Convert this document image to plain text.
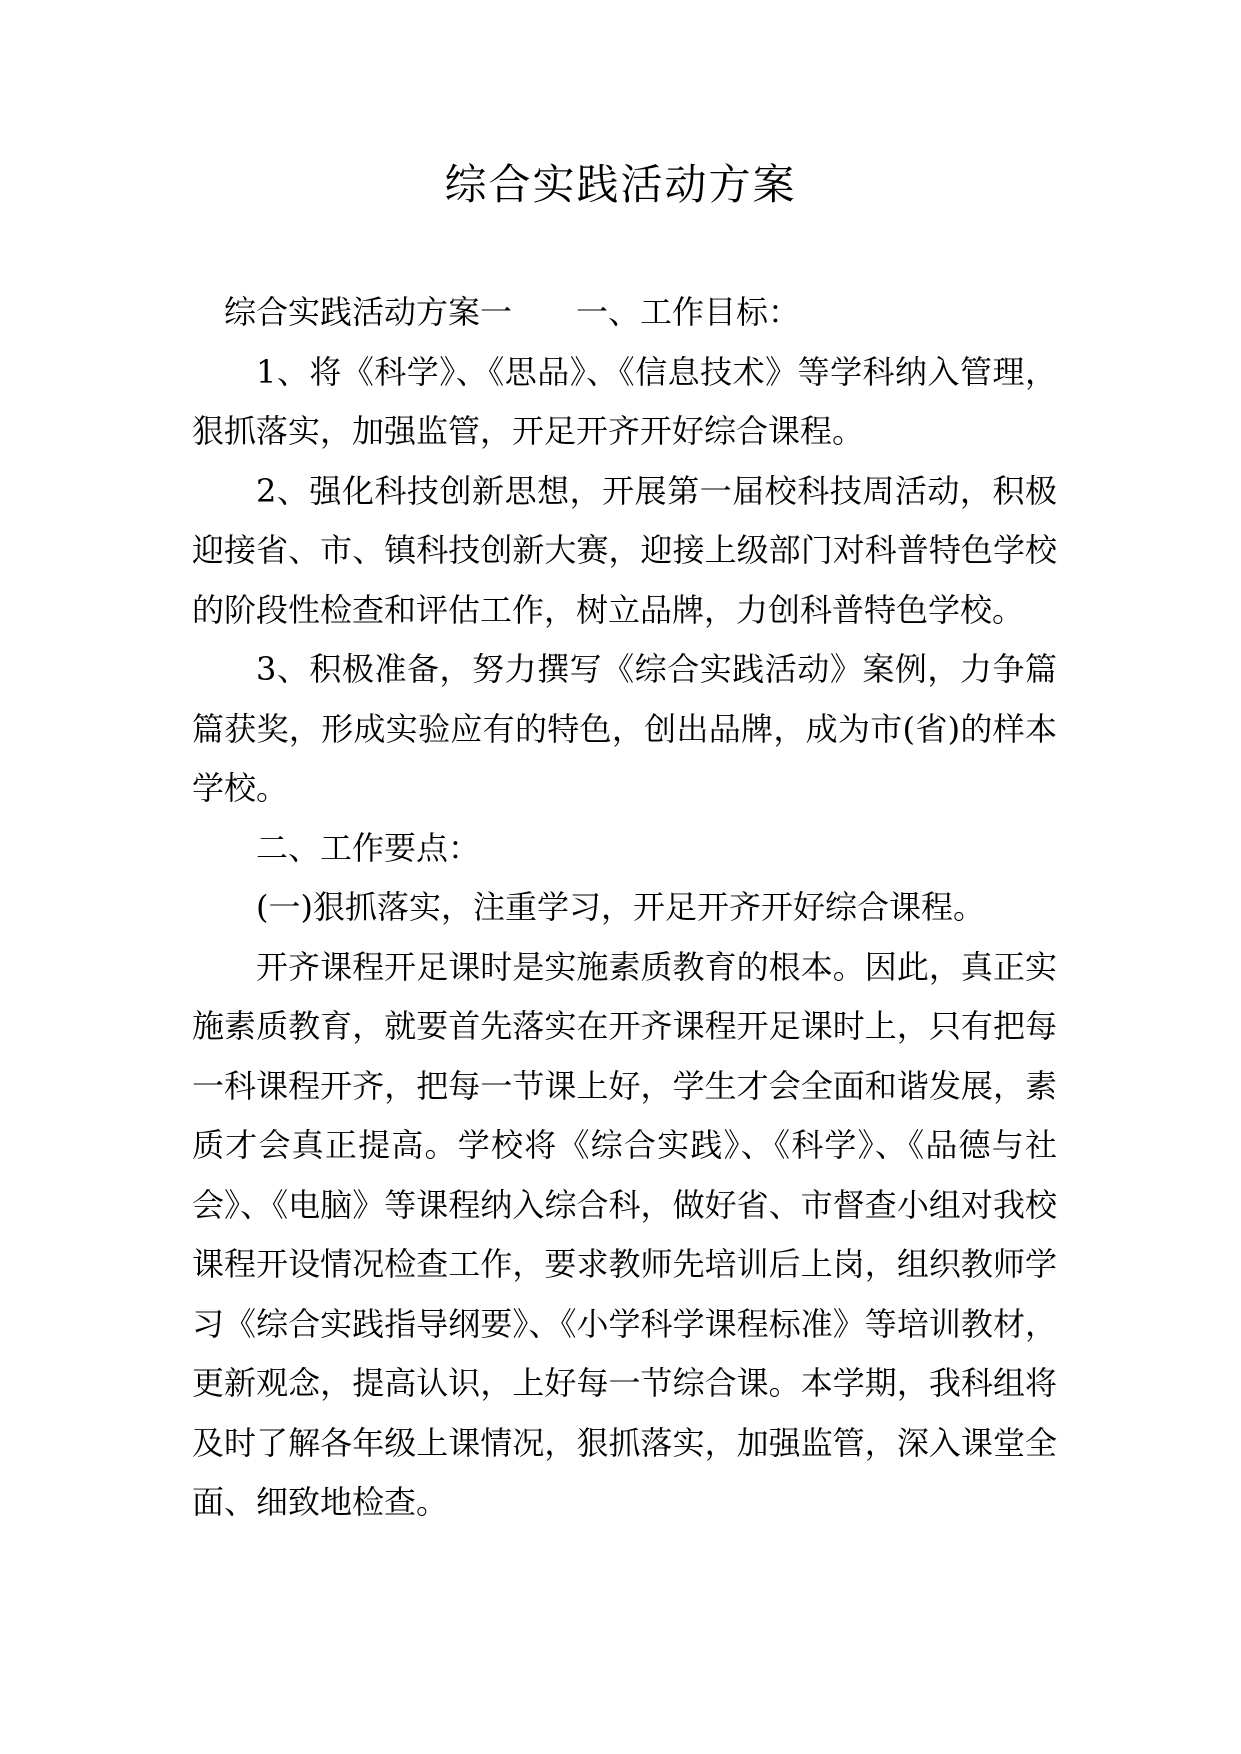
综合实践活动方案

综合实践活动方案一 一、工作目标：

1、将《科学》、《思品》、《信息技术》等学科纳入管理，狠抓落实，加强监管，开足开齐开好综合课程。

2、强化科技创新思想，开展第一届校科技周活动，积极迎接省、市、镇科技创新大赛，迎接上级部门对科普特色学校的阶段性检查和评估工作，树立品牌，力创科普特色学校。

3、积极准备，努力撰写《综合实践活动》案例，力争篇篇获奖，形成实验应有的特色，创出品牌，成为市(省)的样本学校。

二、工作要点：

(一)狠抓落实，注重学习，开足开齐开好综合课程。

开齐课程开足课时是实施素质教育的根本。因此，真正实施素质教育，就要首先落实在开齐课程开足课时上，只有把每一科课程开齐，把每一节课上好，学生才会全面和谐发展，素质才会真正提高。学校将《综合实践》、《科学》、《品德与社会》、《电脑》等课程纳入综合科，做好省、市督查小组对我校课程开设情况检查工作，要求教师先培训后上岗，组织教师学习《综合实践指导纲要》、《小学科学课程标准》等培训教材，更新观念，提高认识，上好每一节综合课。本学期，我科组将及时了解各年级上课情况，狠抓落实，加强监管，深入课堂全面、细致地检查。
